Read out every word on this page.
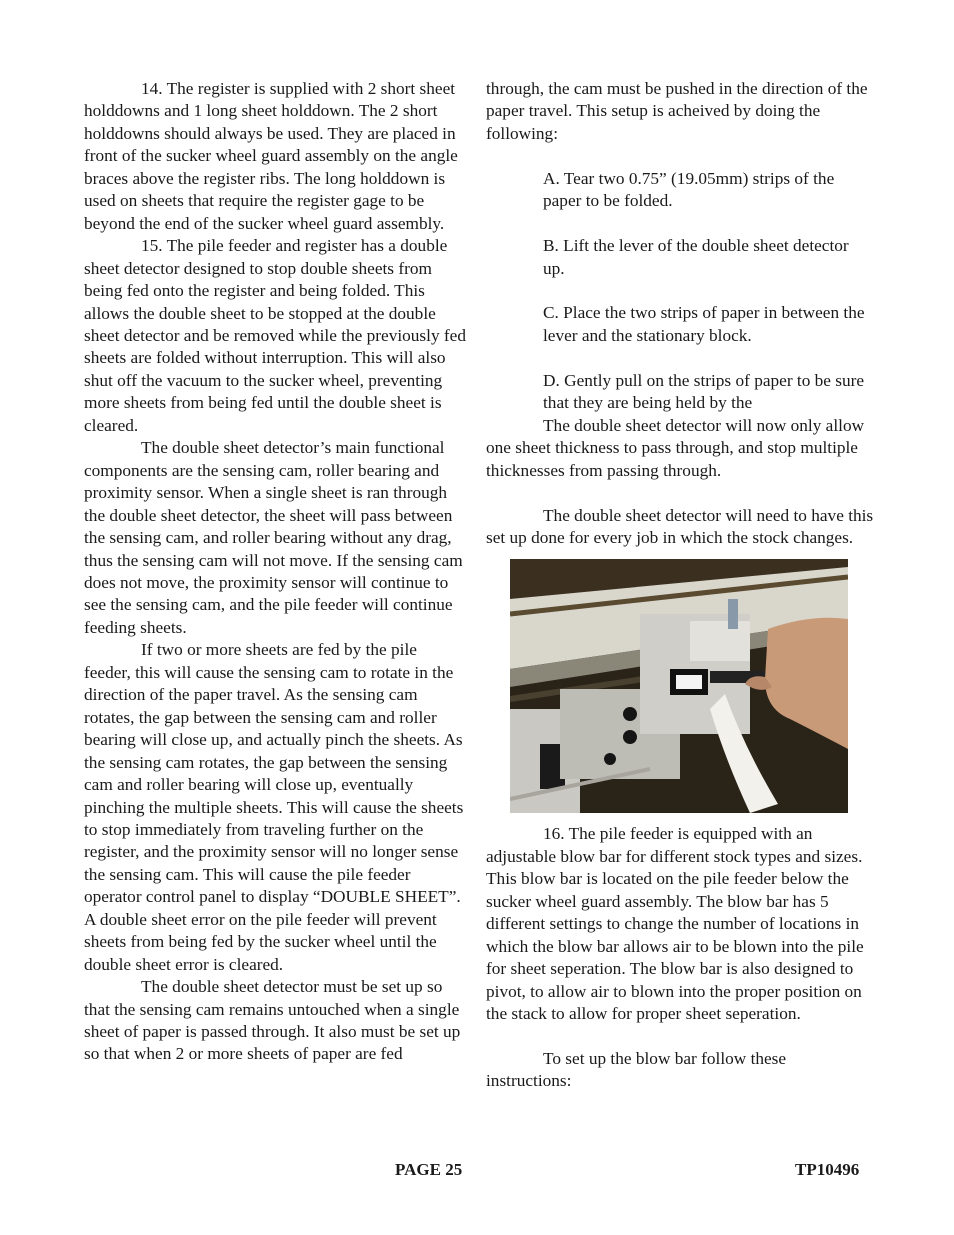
14. The register is supplied with 2 short sheet holddowns and 1 long sheet holddown. The 2 short holddowns should always be used. They are placed in front of the sucker wheel guard assembly on the angle braces above the register ribs. The long holddown is used on sheets that require the register gage to be beyond the end of the sucker wheel guard assembly.

15. The pile feeder and register has a double sheet detector designed to stop double sheets from being fed onto the register and being folded. This allows the double sheet to be stopped at the double sheet detector and be removed while the previously fed sheets are folded without interruption. This will also shut off the vacuum to the sucker wheel, preventing more sheets from being fed until the double sheet is cleared.

The double sheet detector’s main functional components are the sensing cam, roller bearing and proximity sensor. When a single sheet is ran through the double sheet detector, the sheet will pass between the sensing cam, and roller bearing without any drag, thus the sensing cam will not move. If the sensing cam does not move, the proximity sensor will continue to see the sensing cam, and the pile feeder will continue feeding sheets.

If two or more sheets are fed by the pile feeder, this will cause the sensing cam to rotate in the direction of the paper travel. As the sensing cam rotates, the gap between the sensing cam and roller bearing will close up, and actually pinch the sheets. As the sensing cam rotates, the gap between the sensing cam and roller bearing will close up, eventually pinching the multiple sheets. This will cause the sheets to stop immediately from traveling further on the register, and the proximity sensor will no longer sense the sensing cam. This will cause the pile feeder operator control panel to display “DOUBLE SHEET”. A double sheet error on the pile feeder will prevent sheets from being fed by the sucker wheel until the double sheet error is cleared.

The double sheet detector must be set up so that the sensing cam remains untouched when a single sheet of paper is passed through. It also must be set up so that when 2 or more sheets of paper are fed

through, the cam must be pushed in the direction of the paper travel. This setup is acheived by doing the following:

A. Tear two 0.75” (19.05mm) strips of the paper to be folded.

B. Lift the lever of the double sheet detector up.

C. Place the two strips of paper in between the lever and the stationary block.

D. Gently pull on the strips of paper to be sure that they are being held by the

The double sheet detector will now only allow one sheet thickness to pass through, and stop multiple thicknesses from passing through.

The double sheet detector will need to have this set up done for every job in which the stock changes.

16. The pile feeder is equipped with an adjustable blow bar for different stock types and sizes. This blow bar is located on the pile feeder below the sucker wheel guard assembly. The blow bar has 5 different settings to change the number of locations in which the blow bar allows air to be blown into the pile for sheet seperation. The blow bar is also designed to pivot, to allow air to blown into the proper position on the stack to allow for proper sheet seperation.

To set up the blow bar follow these instructions:

PAGE 25	TP10496
